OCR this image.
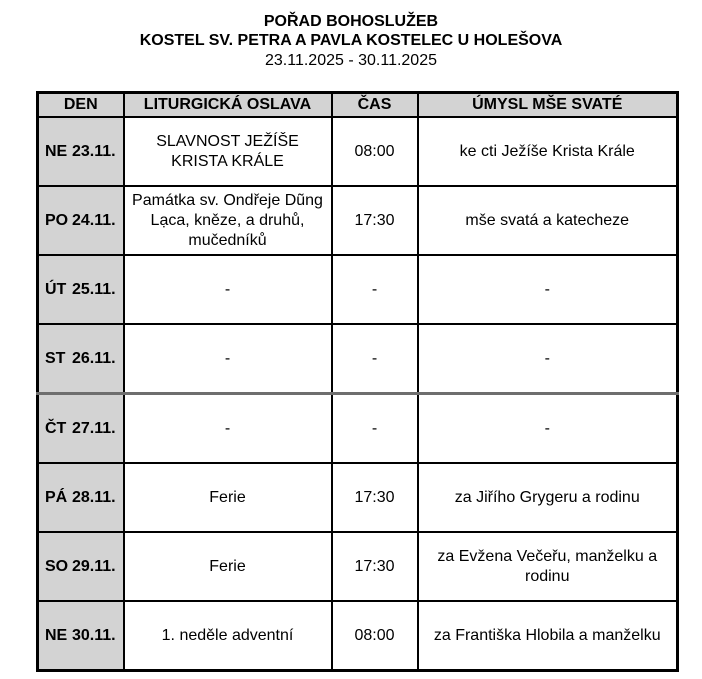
POŘAD BOHOSLUŽEB
KOSTEL SV. PETRA A PAVLA KOSTELEC U HOLEŠOVA
23.11.2025 - 30.11.2025
DEN	LITURGICKÁ OSLAVA	ČAS	ÚMYSL MŠE SVATÉ
NE 23.11.	SLAVNOST JEŽÍŠE KRISTA KRÁLE	08:00	ke cti Ježíše Krista Krále
PO 24.11.	Památka sv. Ondřeje Dũng Lạca, kněze, a druhů, mučedníků	17:30	mše svatá a katecheze
ÚT 25.11.	-	-	-
ST 26.11.	-	-	-
ČT 27.11.	-	-	-
PÁ 28.11.	Ferie	17:30	za Jiřího Grygeru a rodinu
SO 29.11.	Ferie	17:30	za Evžena Večeřu, manželku a rodinu
NE 30.11.	1. neděle adventní	08:00	za Františka Hlobila a manželku
